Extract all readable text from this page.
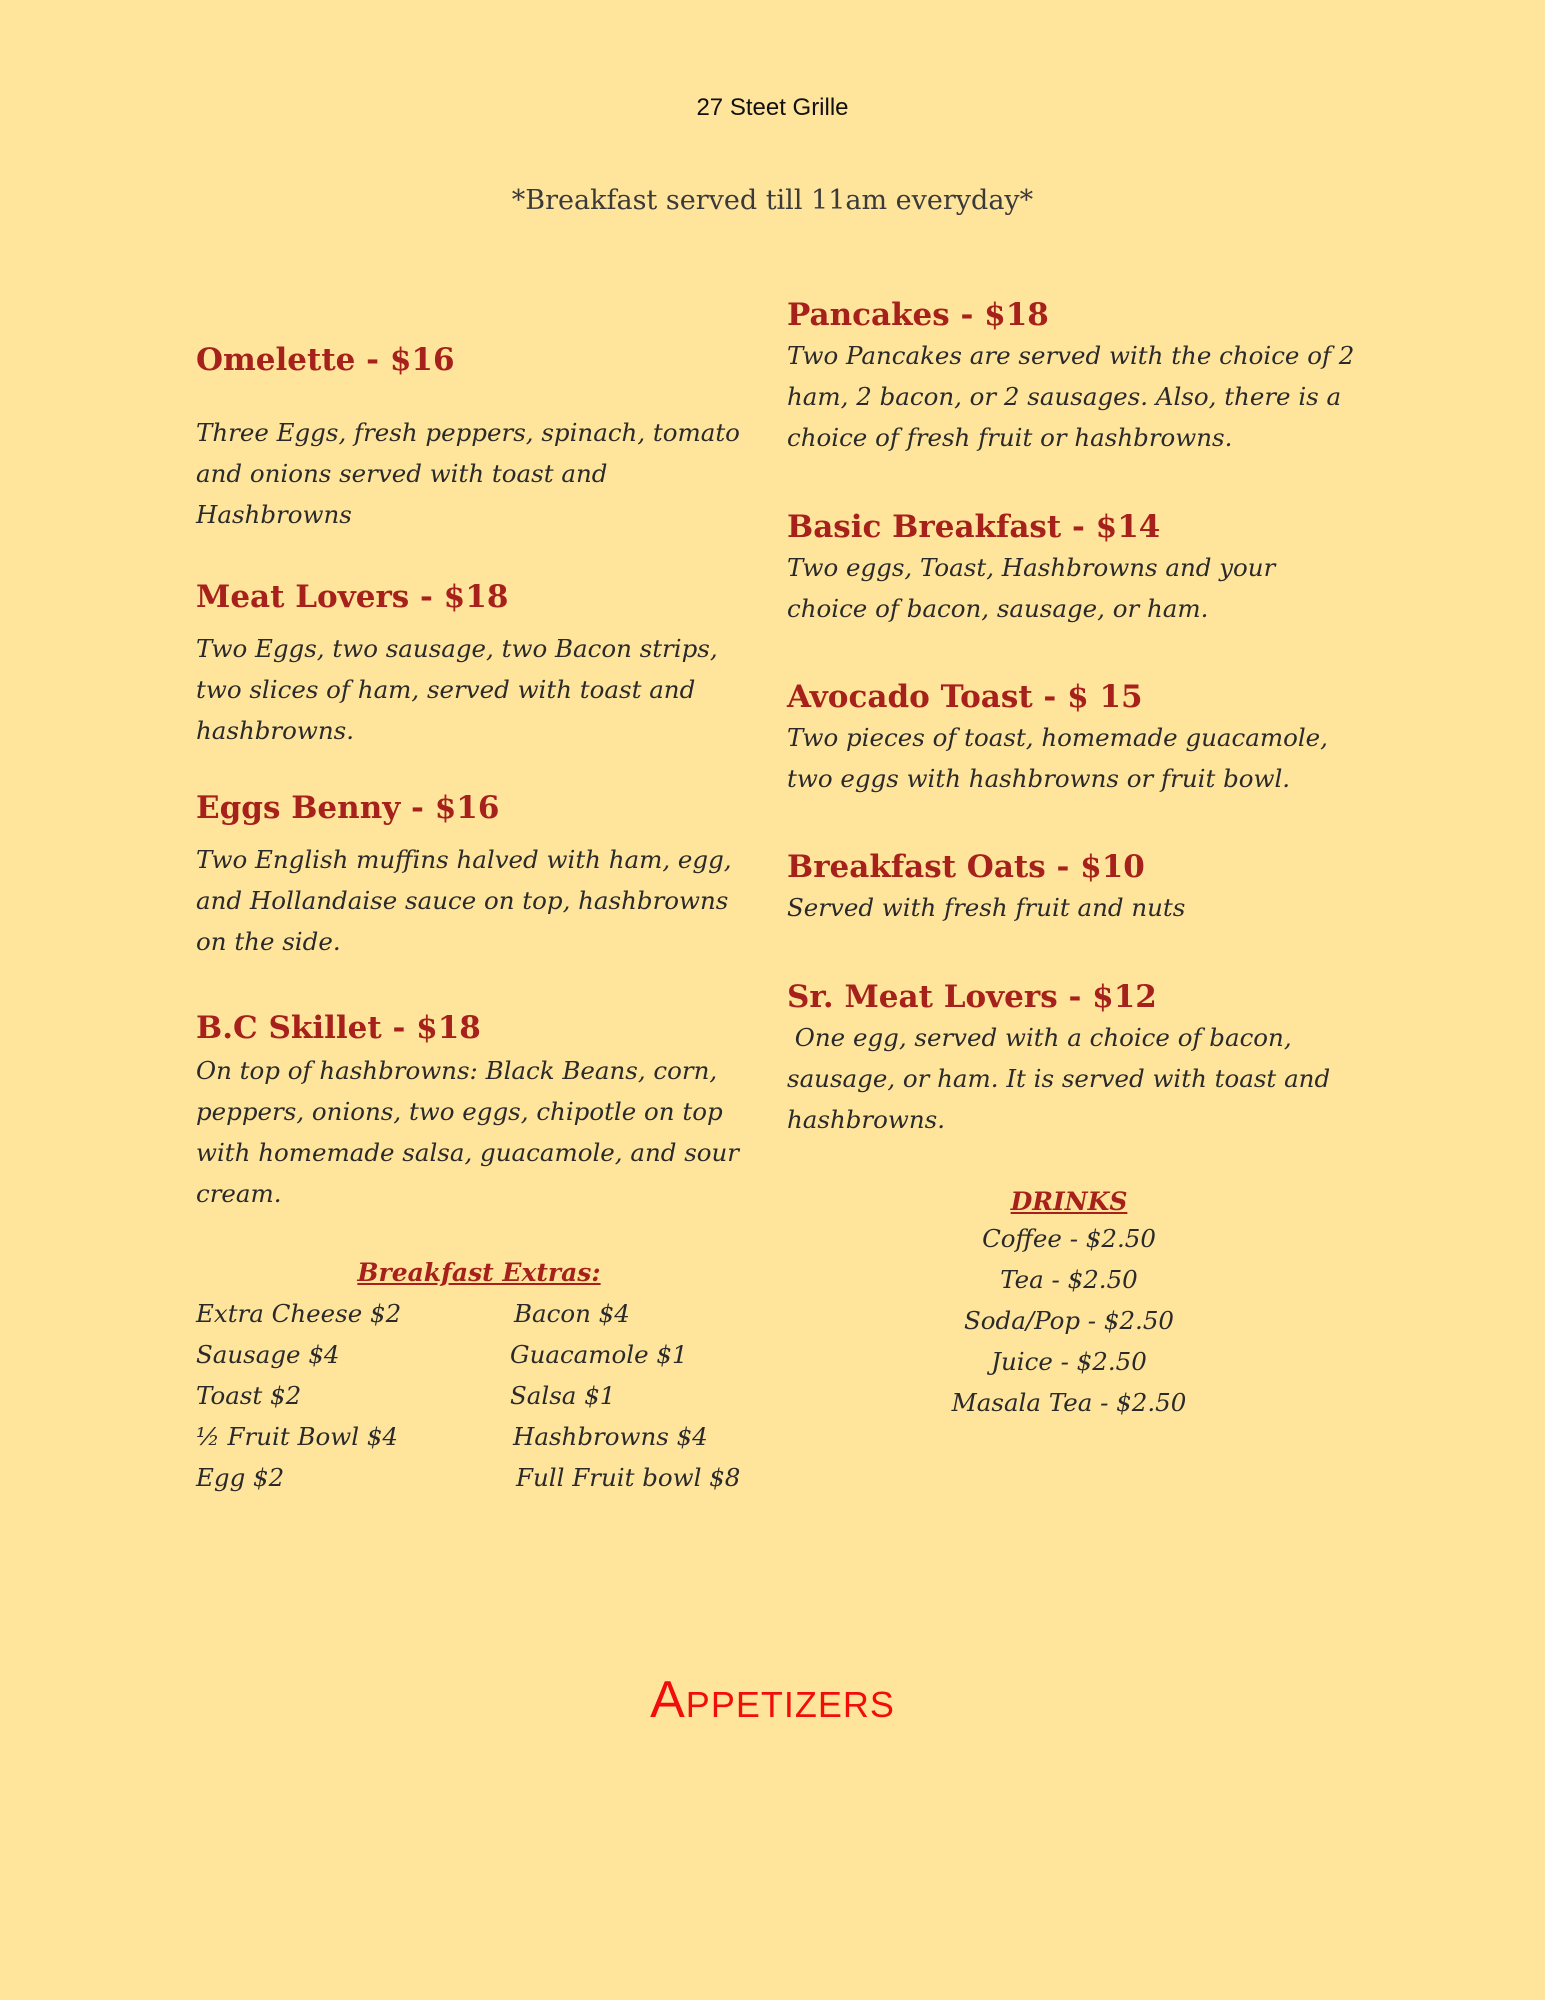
27 Steet Grille
*Breakfast served till 11am everyday*
Omelette - $16
Three Eggs, fresh peppers, spinach, tomato and onions served with toast and Hashbrowns
Meat Lovers - $18
Two Eggs, two sausage, two Bacon strips, two slices of ham, served with toast and hashbrowns.
Eggs Benny - $16
Two English muffins halved with ham, egg, and Hollandaise sauce on top, hashbrowns on the side.
B.C Skillet - $18
On top of hashbrowns: Black Beans, corn, peppers, onions, two eggs, chipotle on top with homemade salsa, guacamole, and sour cream.
Breakfast Extras:
Extra Cheese $2	Bacon $4
Sausage $4	Guacamole $1
Toast $2	Salsa $1
½ Fruit Bowl $4	Hashbrowns $4
Egg $2	Full Fruit bowl $8
Pancakes - $18
Two Pancakes are served with the choice of 2 ham, 2 bacon, or 2 sausages. Also, there is a choice of fresh fruit or hashbrowns.
Basic Breakfast - $14
Two eggs, Toast, Hashbrowns and your choice of bacon, sausage, or ham.
Avocado Toast - $ 15
Two pieces of toast, homemade guacamole, two eggs with hashbrowns or fruit bowl.
Breakfast Oats - $10
Served with fresh fruit and nuts
Sr. Meat Lovers - $12
One egg, served with a choice of bacon, sausage, or ham. It is served with toast and hashbrowns.
DRINKS
Coffee - $2.50
Tea - $2.50
Soda/Pop - $2.50
Juice - $2.50
Masala Tea - $2.50
Appetizers
